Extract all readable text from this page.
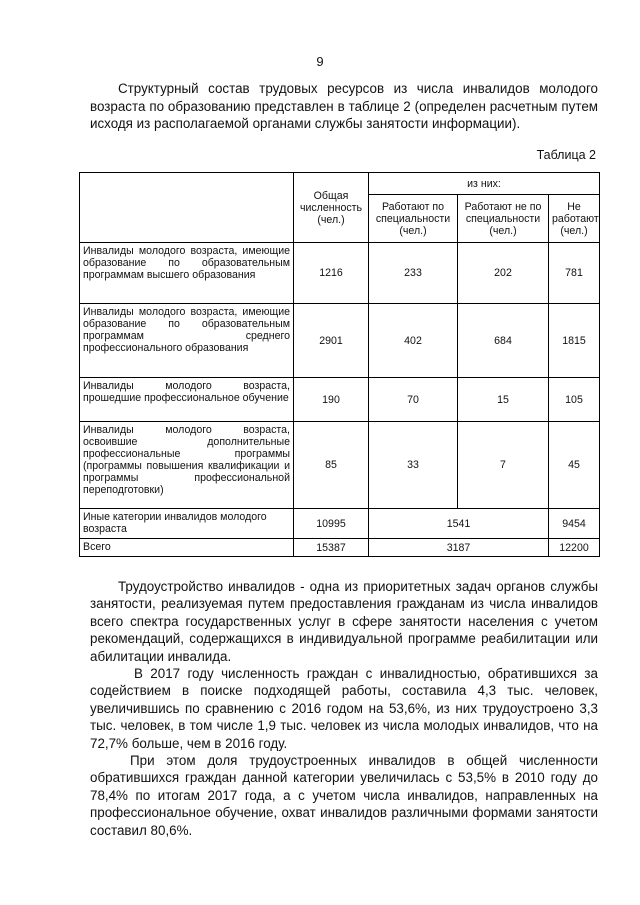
9

Структурный состав трудовых ресурсов из числа инвалидов молодого возраста по образованию представлен в таблице 2 (определен расчетным путем исходя из располагаемой органами службы занятости информации).

Таблица 2
	Общая численность (чел.)	из них:		
		Работают по специальности (чел.)	Работают не по специальности (чел.)	Не работают (чел.)
Инвалиды молодого возраста, имеющие образование по образовательным программам высшего образования	1216	233	202	781
Инвалиды молодого возраста, имеющие образование по образовательным программам среднего профессионального образования	2901	402	684	1815
Инвалиды молодого возраста, прошедшие профессиональное обучение	190	70	15	105
Инвалиды молодого возраста, освоившие дополнительные профессиональные программы (программы повышения квалификации и программы профессиональной переподготовки)	85	33	7	45
Иные категории инвалидов молодого возраста	10995	1541		9454
Всего	15387	3187		12200

Трудоустройство инвалидов - одна из приоритетных задач органов службы занятости, реализуемая путем предоставления гражданам из числа инвалидов всего спектра государственных услуг в сфере занятости населения с учетом рекомендаций, содержащихся в индивидуальной программе реабилитации или абилитации инвалида.

В 2017 году численность граждан с инвалидностью, обратившихся за содействием в поиске подходящей работы, составила 4,3 тыс. человек, увеличившись по сравнению с 2016 годом на 53,6%, из них трудоустроено 3,3 тыс. человек, в том числе 1,9 тыс. человек из числа молодых инвалидов, что на 72,7% больше, чем в 2016 году.

При этом доля трудоустроенных инвалидов в общей численности обратившихся граждан данной категории увеличилась с 53,5% в 2010 году до 78,4% по итогам 2017 года, а с учетом числа инвалидов, направленных на профессиональное обучение, охват инвалидов различными формами занятости составил 80,6%.
